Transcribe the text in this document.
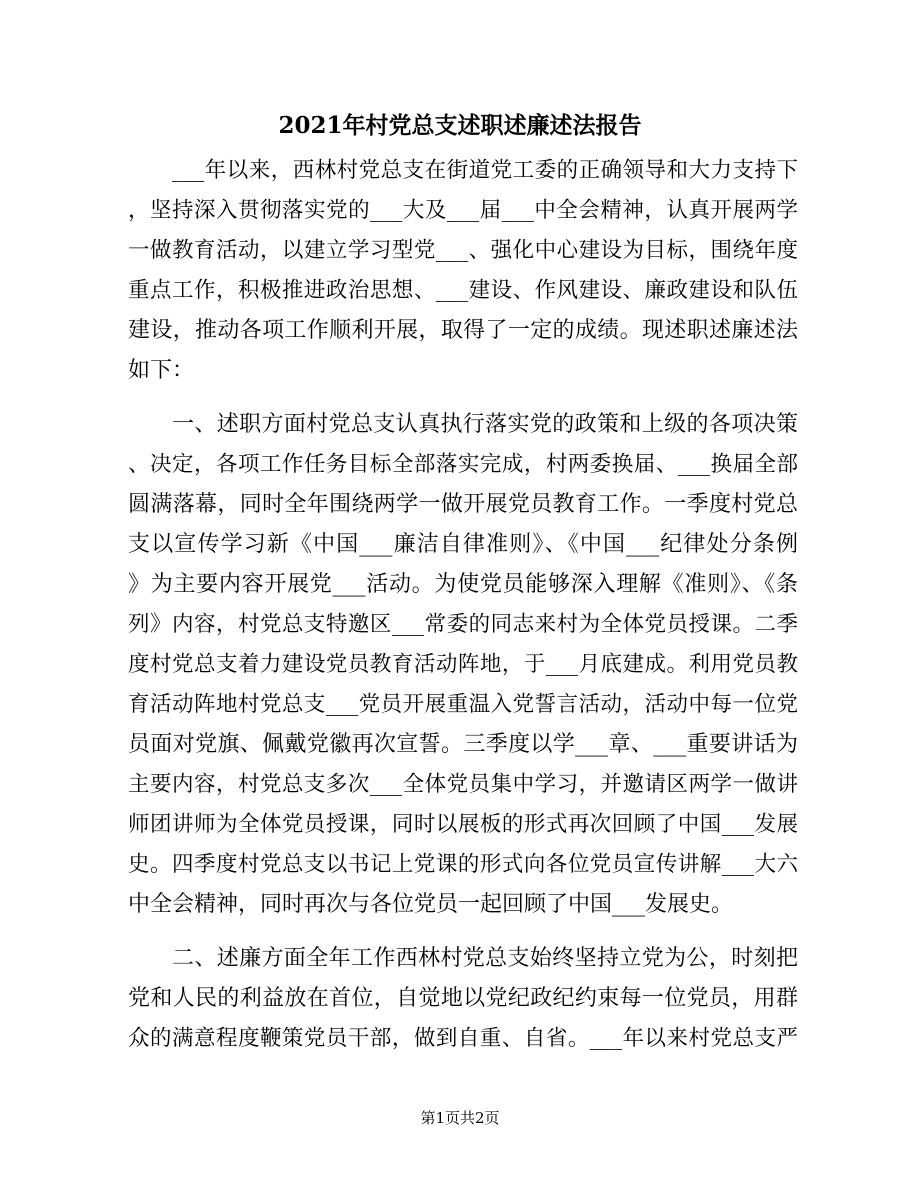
2021年村党总支述职述廉述法报告
___年以来，西林村党总支在街道党工委的正确领导和大力支持下
，坚持深入贯彻落实党的___大及___届___中全会精神，认真开展两学
一做教育活动，以建立学习型党___、强化中心建设为目标，围绕年度
重点工作，积极推进政治思想、___建设、作风建设、廉政建设和队伍
建设，推动各项工作顺利开展，取得了一定的成绩。现述职述廉述法
如下：
一、述职方面村党总支认真执行落实党的政策和上级的各项决策
、决定，各项工作任务目标全部落实完成，村两委换届、___换届全部
圆满落幕，同时全年围绕两学一做开展党员教育工作。一季度村党总
支以宣传学习新《中国___廉洁自律准则》、《中国___纪律处分条例
》为主要内容开展党___活动。为使党员能够深入理解《准则》、《条
列》内容，村党总支特邀区___常委的同志来村为全体党员授课。二季
度村党总支着力建设党员教育活动阵地，于___月底建成。利用党员教
育活动阵地村党总支___党员开展重温入党誓言活动，活动中每一位党
员面对党旗、佩戴党徽再次宣誓。三季度以学___章、___重要讲话为
主要内容，村党总支多次___全体党员集中学习，并邀请区两学一做讲
师团讲师为全体党员授课，同时以展板的形式再次回顾了中国___发展
史。四季度村党总支以书记上党课的形式向各位党员宣传讲解___大六
中全会精神，同时再次与各位党员一起回顾了中国___发展史。
二、述廉方面全年工作西林村党总支始终坚持立党为公，时刻把
党和人民的利益放在首位，自觉地以党纪政纪约束每一位党员，用群
众的满意程度鞭策党员干部，做到自重、自省。___年以来村党总支严
第1页共2页
